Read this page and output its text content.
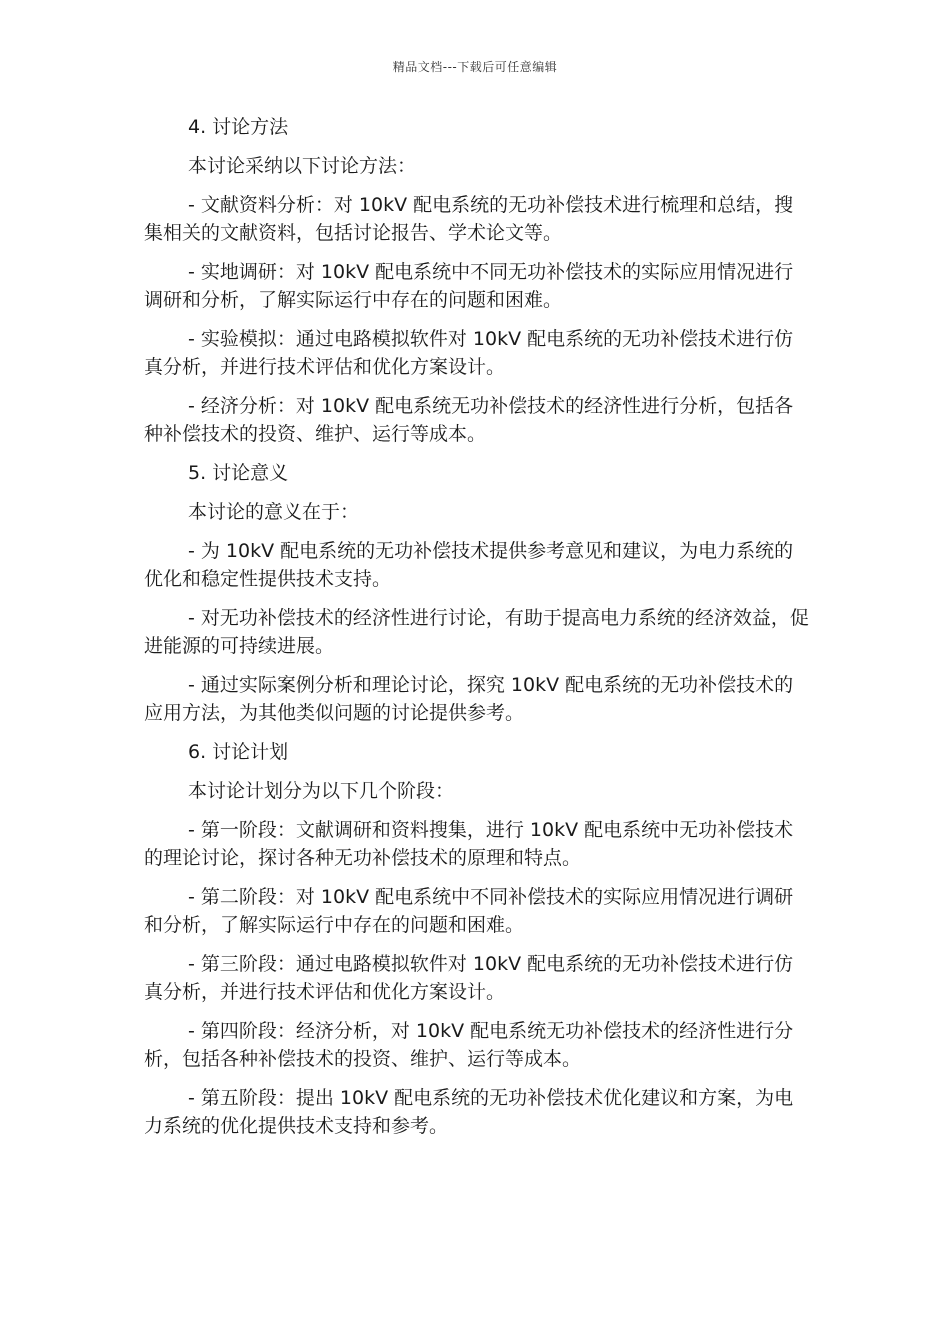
精品文档---下载后可任意编辑

4. 讨论方法

本讨论采纳以下讨论方法：

- 文献资料分析：对 10kV 配电系统的无功补偿技术进行梳理和总结，搜集相关的文献资料，包括讨论报告、学术论文等。

- 实地调研：对 10kV 配电系统中不同无功补偿技术的实际应用情况进行调研和分析，了解实际运行中存在的问题和困难。

- 实验模拟：通过电路模拟软件对 10kV 配电系统的无功补偿技术进行仿真分析，并进行技术评估和优化方案设计。

- 经济分析：对 10kV 配电系统无功补偿技术的经济性进行分析，包括各种补偿技术的投资、维护、运行等成本。

5. 讨论意义

本讨论的意义在于：

- 为 10kV 配电系统的无功补偿技术提供参考意见和建议，为电力系统的优化和稳定性提供技术支持。

- 对无功补偿技术的经济性进行讨论，有助于提高电力系统的经济效益，促进能源的可持续进展。

- 通过实际案例分析和理论讨论，探究 10kV 配电系统的无功补偿技术的应用方法，为其他类似问题的讨论提供参考。

6. 讨论计划

本讨论计划分为以下几个阶段：

- 第一阶段：文献调研和资料搜集，进行 10kV 配电系统中无功补偿技术的理论讨论，探讨各种无功补偿技术的原理和特点。

- 第二阶段：对 10kV 配电系统中不同补偿技术的实际应用情况进行调研和分析，了解实际运行中存在的问题和困难。

- 第三阶段：通过电路模拟软件对 10kV 配电系统的无功补偿技术进行仿真分析，并进行技术评估和优化方案设计。

- 第四阶段：经济分析，对 10kV 配电系统无功补偿技术的经济性进行分析，包括各种补偿技术的投资、维护、运行等成本。

- 第五阶段：提出 10kV 配电系统的无功补偿技术优化建议和方案，为电力系统的优化提供技术支持和参考。
